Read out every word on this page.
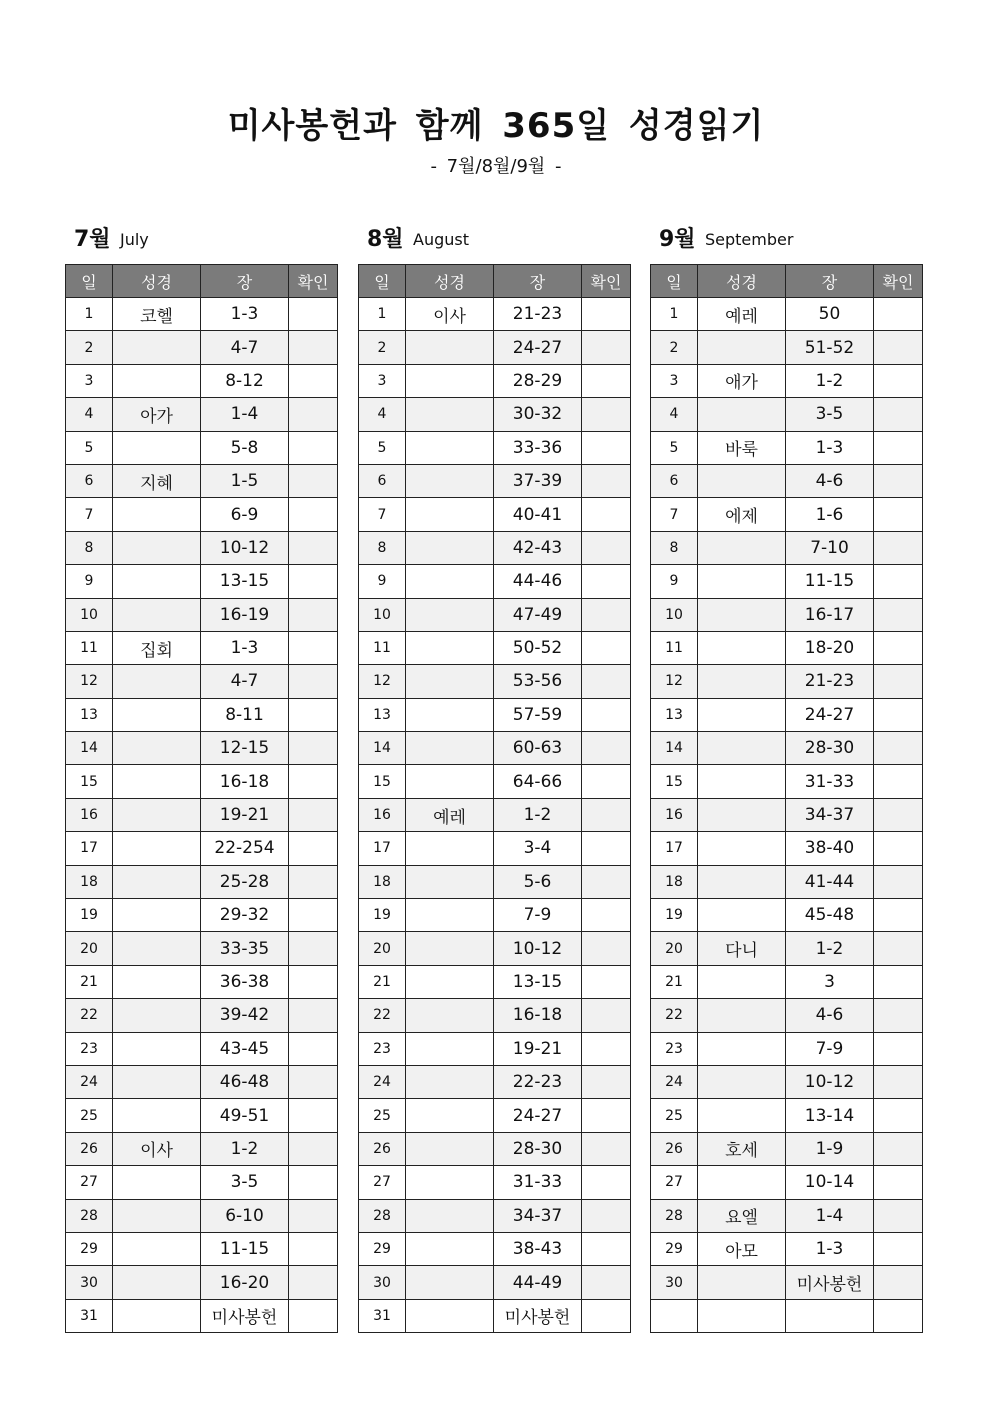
미사봉헌과 함께 365일 성경읽기
- 7월/8월/9월 -
7월 July
일	성경	장	확인
1	코헬	1-3	
2		4-7	
3		8-12	
4	아가	1-4	
5		5-8	
6	지혜	1-5	
7		6-9	
8		10-12	
9		13-15	
10		16-19	
11	집회	1-3	
12		4-7	
13		8-11	
14		12-15	
15		16-18	
16		19-21	
17		22-254	
18		25-28	
19		29-32	
20		33-35	
21		36-38	
22		39-42	
23		43-45	
24		46-48	
25		49-51	
26	이사	1-2	
27		3-5	
28		6-10	
29		11-15	
30		16-20	
31		미사봉헌	
8월 August
일	성경	장	확인
1	이사	21-23	
2		24-27	
3		28-29	
4		30-32	
5		33-36	
6		37-39	
7		40-41	
8		42-43	
9		44-46	
10		47-49	
11		50-52	
12		53-56	
13		57-59	
14		60-63	
15		64-66	
16	예레	1-2	
17		3-4	
18		5-6	
19		7-9	
20		10-12	
21		13-15	
22		16-18	
23		19-21	
24		22-23	
25		24-27	
26		28-30	
27		31-33	
28		34-37	
29		38-43	
30		44-49	
31		미사봉헌	
9월 September
일	성경	장	확인
1	예레	50	
2		51-52	
3	애가	1-2	
4		3-5	
5	바룩	1-3	
6		4-6	
7	에제	1-6	
8		7-10	
9		11-15	
10		16-17	
11		18-20	
12		21-23	
13		24-27	
14		28-30	
15		31-33	
16		34-37	
17		38-40	
18		41-44	
19		45-48	
20	다니	1-2	
21		3	
22		4-6	
23		7-9	
24		10-12	
25		13-14	
26	호세	1-9	
27		10-14	
28	요엘	1-4	
29	아모	1-3	
30		미사봉헌	
